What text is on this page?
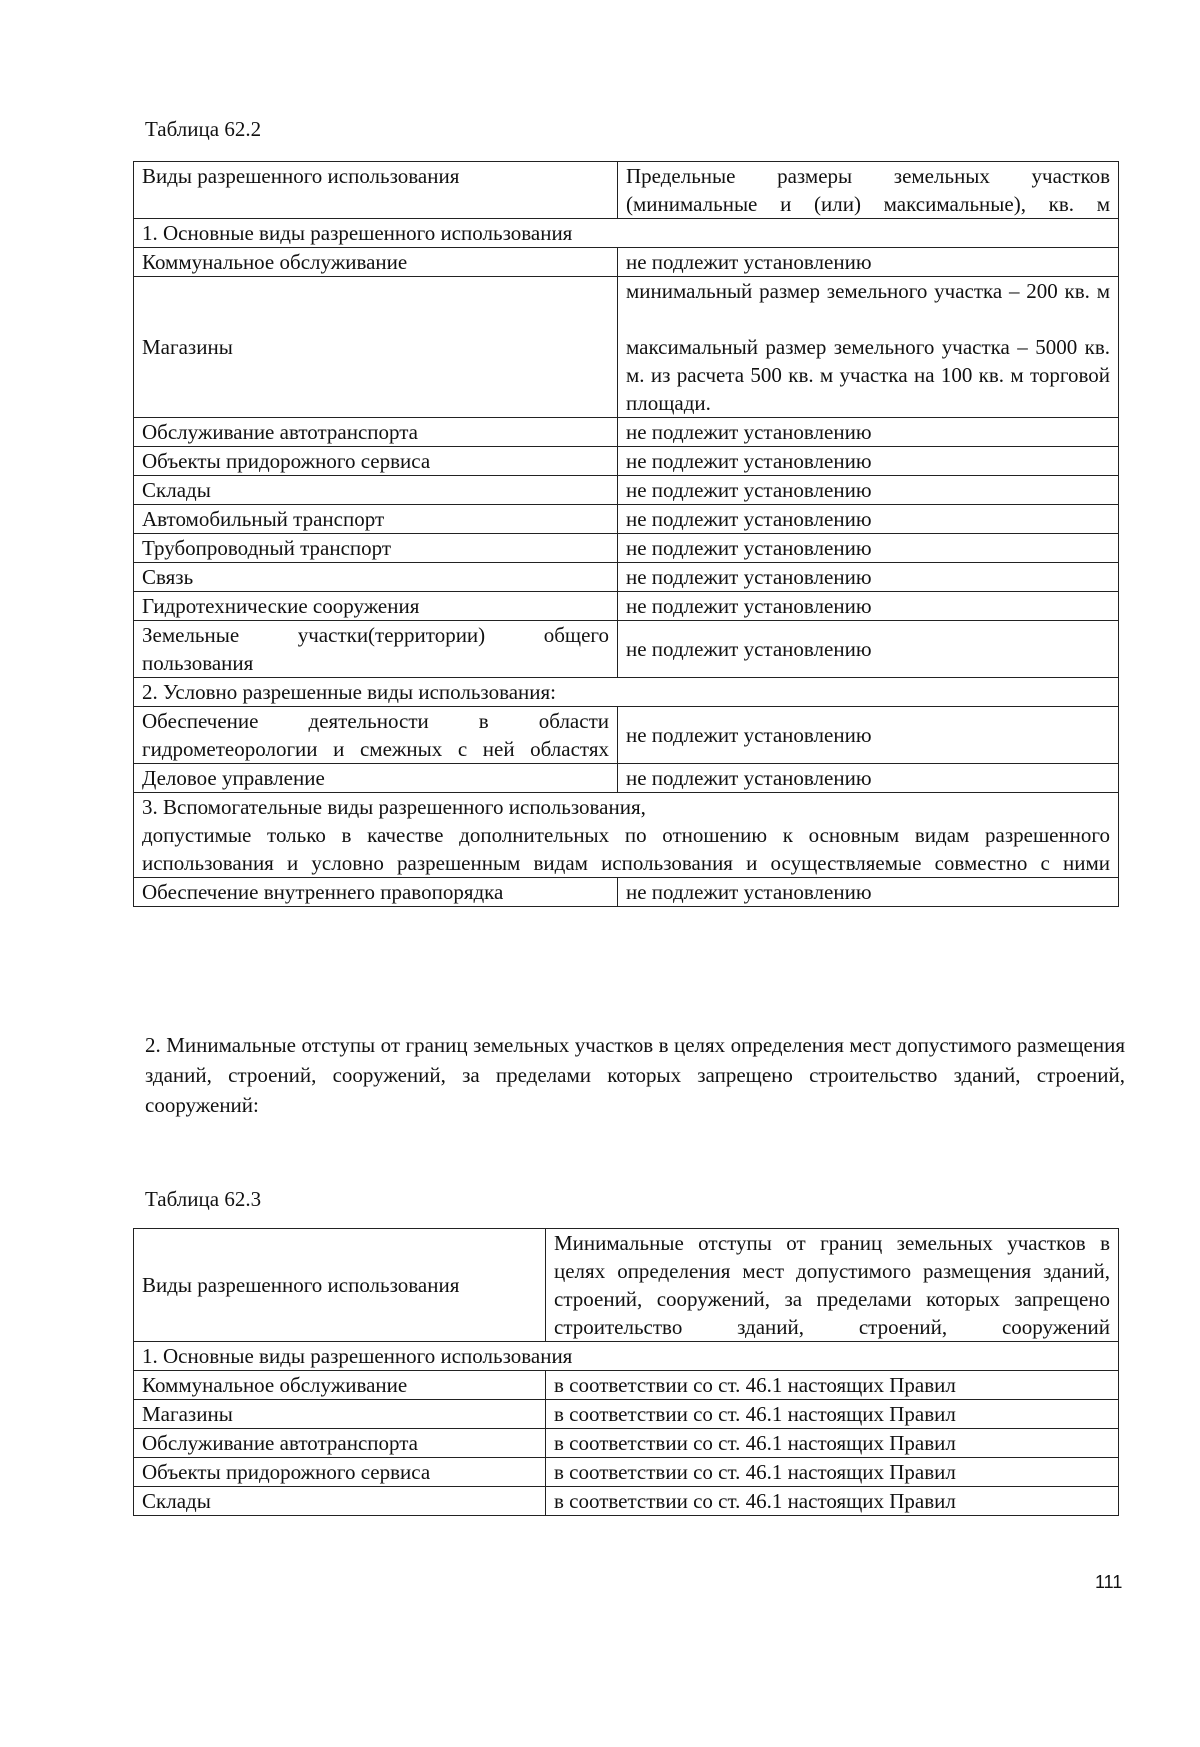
Таблица 62.2
Виды разрешенного использования	Предельные размеры земельных участков (минимальные и (или) максимальные), кв. м
1. Основные виды разрешенного использования	
Коммунальное обслуживание	не подлежит установлению
Магазины	минимальный размер земельного участка – 200 кв. м
максимальный размер земельного участка – 5000 кв. м. из расчета 500 кв. м участка на 100 кв. м торговой площади.

Обслуживание автотранспорта	не подлежит установлению
Объекты придорожного сервиса	не подлежит установлению
Склады	не подлежит установлению
Автомобильный транспорт	не подлежит установлению
Трубопроводный транспорт	не подлежит установлению
Связь	не подлежит установлению
Гидротехнические сооружения	не подлежит установлению
Земельные участки(территории) общего пользования	не подлежит установлению
2. Условно разрешенные виды использования:	
Обеспечение деятельности в области гидрометеорологии и смежных с ней областях	не подлежит установлению
Деловое управление	не подлежит установлению

3. Вспомогательные виды разрешенного использования,
допустимые только в качестве дополнительных по отношению к основным видам разрешенного использования и условно разрешенным видам использования и осуществляемые совместно с ними	

Обеспечение внутреннего правопорядка	не подлежит установлению
2. Минимальные отступы от границ земельных участков в целях определения мест допустимого размещения зданий, строений, сооружений, за пределами которых запрещено строительство зданий, строений, сооружений:
Таблица 62.3
Виды разрешенного использования	Минимальные отступы от границ земельных участков в целях определения мест допустимого размещения зданий, строений, сооружений, за пределами которых запрещено строительство зданий, строений, сооружений
1. Основные виды разрешенного использования	
Коммунальное обслуживание	в соответствии со ст. 46.1 настоящих Правил
Магазины	в соответствии со ст. 46.1 настоящих Правил
Обслуживание автотранспорта	в соответствии со ст. 46.1 настоящих Правил
Объекты придорожного сервиса	в соответствии со ст. 46.1 настоящих Правил
Склады	в соответствии со ст. 46.1 настоящих Правил
111
